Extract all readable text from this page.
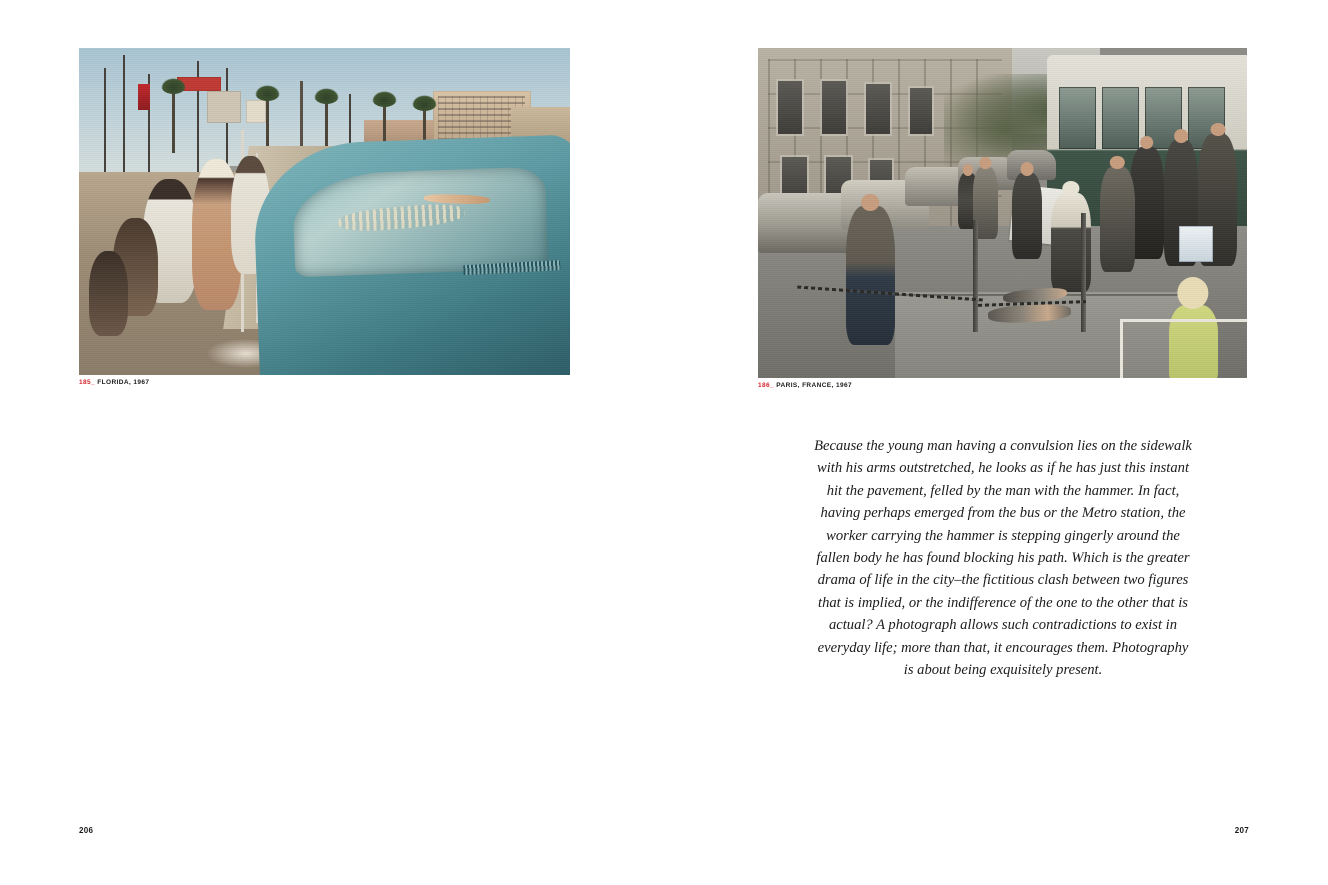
185_ FLORIDA, 1967
206
186_ PARIS, FRANCE, 1967
Because the young man having a convulsion lies on the sidewalk with his arms outstretched, he looks as if he has just this instant hit the pavement, felled by the man with the hammer. In fact, having perhaps emerged from the bus or the Metro station, the worker carrying the hammer is stepping gingerly around the fallen body he has found blocking his path. Which is the greater drama of life in the city–the fictitious clash between two figures that is implied, or the indifference of the one to the other that is actual? A photograph allows such contradictions to exist in everyday life; more than that, it encourages them. Photography is about being exquisitely present.
207
